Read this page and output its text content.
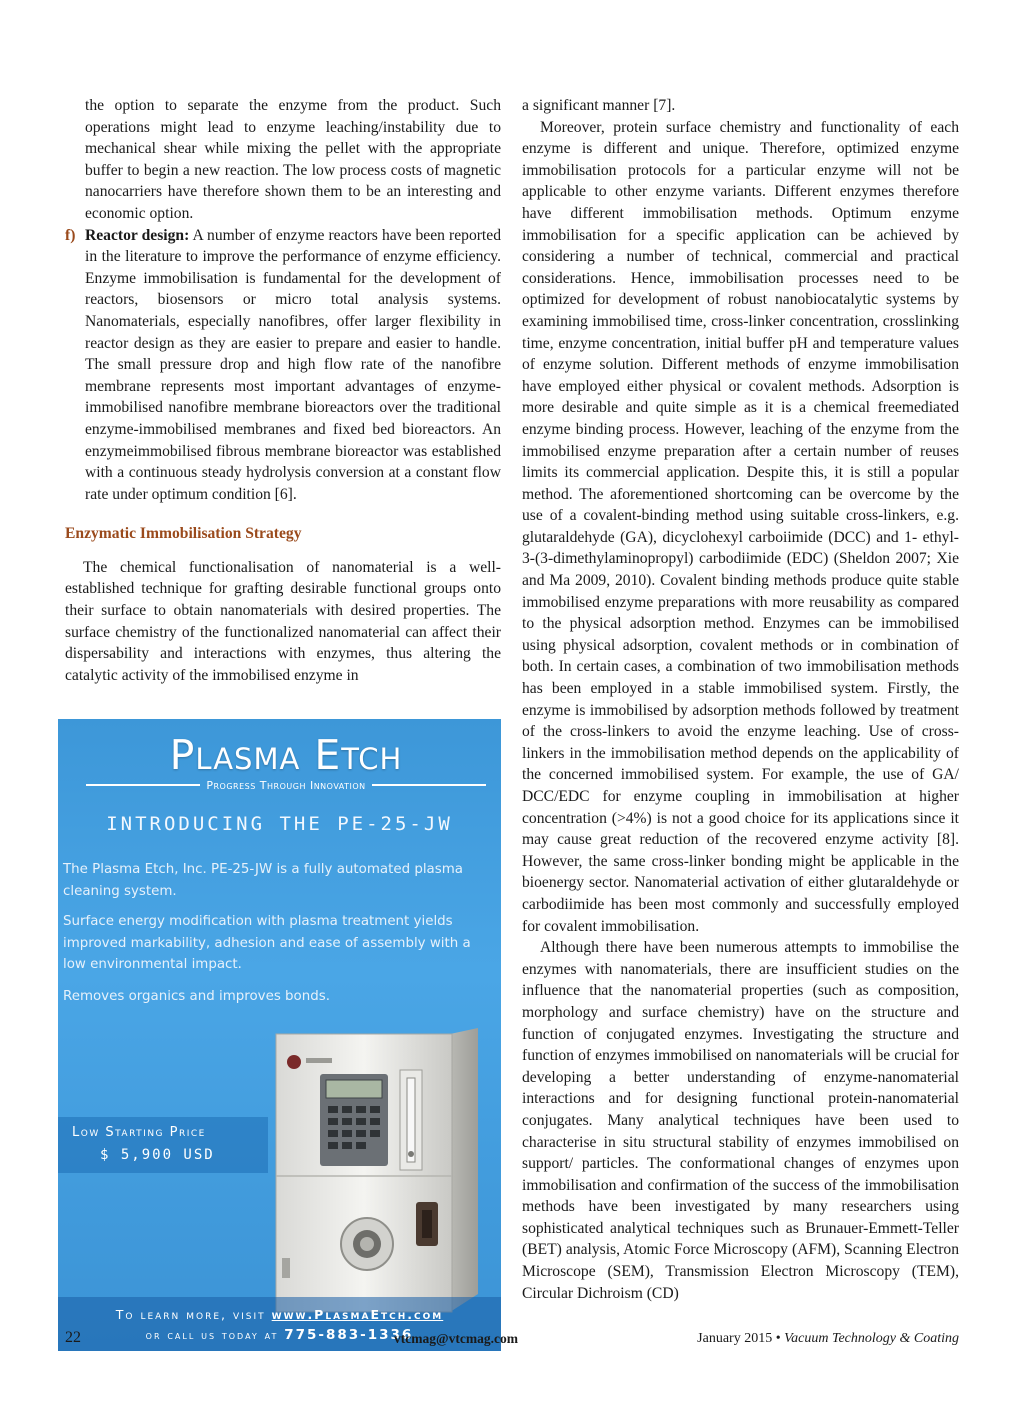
the option to separate the enzyme from the product. Such operations might lead to enzyme leaching/instability due to mechanical shear while mixing the pellet with the appropriate buffer to begin a new reaction. The low process costs of magnetic nanocarriers have therefore shown them to be an interesting and economic option.

f) Reactor design: A number of enzyme reactors have been reported in the literature to improve the performance of enzyme efficiency. Enzyme immobilisation is fundamental for the development of reactors, biosensors or micro total analysis systems. Nanomaterials, especially nanofibres, offer larger flexibility in reactor design as they are easier to prepare and easier to handle. The small pressure drop and high flow rate of the nanofibre membrane represents most important advantages of enzyme-immobilised nanofibre membrane bioreactors over the traditional enzyme-immobilised membranes and fixed bed bioreactors. An enzymeimmobilised fibrous membrane bioreactor was established with a continuous steady hydrolysis conversion at a constant flow rate under optimum condition [6].

Enzymatic Immobilisation Strategy

The chemical functionalisation of nanomaterial is a well-established technique for grafting desirable functional groups onto their surface to obtain nanomaterials with desired properties. The surface chemistry of the functionalized nanomaterial can affect their dispersability and interactions with enzymes, thus altering the catalytic activity of the immobilised enzyme in

Plasma Etch
Progress Through Innovation
INTRODUCING THE PE-25-JW
The Plasma Etch, Inc. PE-25-JW is a fully automated plasma cleaning system.
Surface energy modification with plasma treatment yields improved markability, adhesion and ease of assembly with a low environmental impact.
Removes organics and improves bonds.
Low Starting Price
$ 5,900 USD
To learn more, visit www.PlasmaEtch.com
or call us today at 775-883-1336

a significant manner [7].

Moreover, protein surface chemistry and functionality of each enzyme is different and unique. Therefore, optimized enzyme immobilisation protocols for a particular enzyme will not be applicable to other enzyme variants. Different enzymes therefore have different immobilisation methods. Optimum enzyme immobilisation for a specific application can be achieved by considering a number of technical, commercial and practical considerations. Hence, immobilisation processes need to be optimized for development of robust nanobiocatalytic systems by examining immobilised time, cross-linker concentration, crosslinking time, enzyme concentration, initial buffer pH and temperature values of enzyme solution. Different methods of enzyme immobilisation have employed either physical or covalent methods. Adsorption is more desirable and quite simple as it is a chemical freemediated enzyme binding process. However, leaching of the enzyme from the immobilised enzyme preparation after a certain number of reuses limits its commercial application. Despite this, it is still a popular method. The aforementioned shortcoming can be overcome by the use of a covalent-binding method using suitable cross-linkers, e.g. glutaraldehyde (GA), dicyclohexyl carboiimide (DCC) and 1- ethyl-3-(3-dimethylaminopropyl) carbodiimide (EDC) (Sheldon 2007; Xie and Ma 2009, 2010). Covalent binding methods produce quite stable immobilised enzyme preparations with more reusability as compared to the physical adsorption method. Enzymes can be immobilised using physical adsorption, covalent methods or in combination of both. In certain cases, a combination of two immobilisation methods has been employed in a stable immobilised system. Firstly, the enzyme is immobilised by adsorption methods followed by treatment of the cross-linkers to avoid the enzyme leaching. Use of cross-linkers in the immobilisation method depends on the applicability of the concerned immobilised system. For example, the use of GA/ DCC/EDC for enzyme coupling in immobilisation at higher concentration (>4%) is not a good choice for its applications since it may cause great reduction of the recovered enzyme activity [8]. However, the same cross-linker bonding might be applicable in the bioenergy sector. Nanomaterial activation of either glutaraldehyde or carbodiimide has been most commonly and successfully employed for covalent immobilisation.

Although there have been numerous attempts to immobilise the enzymes with nanomaterials, there are insufficient studies on the influence that the nanomaterial properties (such as composition, morphology and surface chemistry) have on the structure and function of conjugated enzymes. Investigating the structure and function of enzymes immobilised on nanomaterials will be crucial for developing a better understanding of enzyme-nanomaterial interactions and for designing functional protein-nanomaterial conjugates. Many analytical techniques have been used to characterise in situ structural stability of enzymes immobilised on support/ particles. The conformational changes of enzymes upon immobilisation and confirmation of the success of the immobilisation methods have been investigated by many researchers using sophisticated analytical techniques such as Brunauer-Emmett-Teller (BET) analysis, Atomic Force Microscopy (AFM), Scanning Electron Microscope (SEM), Transmission Electron Microscopy (TEM), Circular Dichroism (CD)

22	vtcmag@vtcmag.com	January 2015 • Vacuum Technology & Coating
